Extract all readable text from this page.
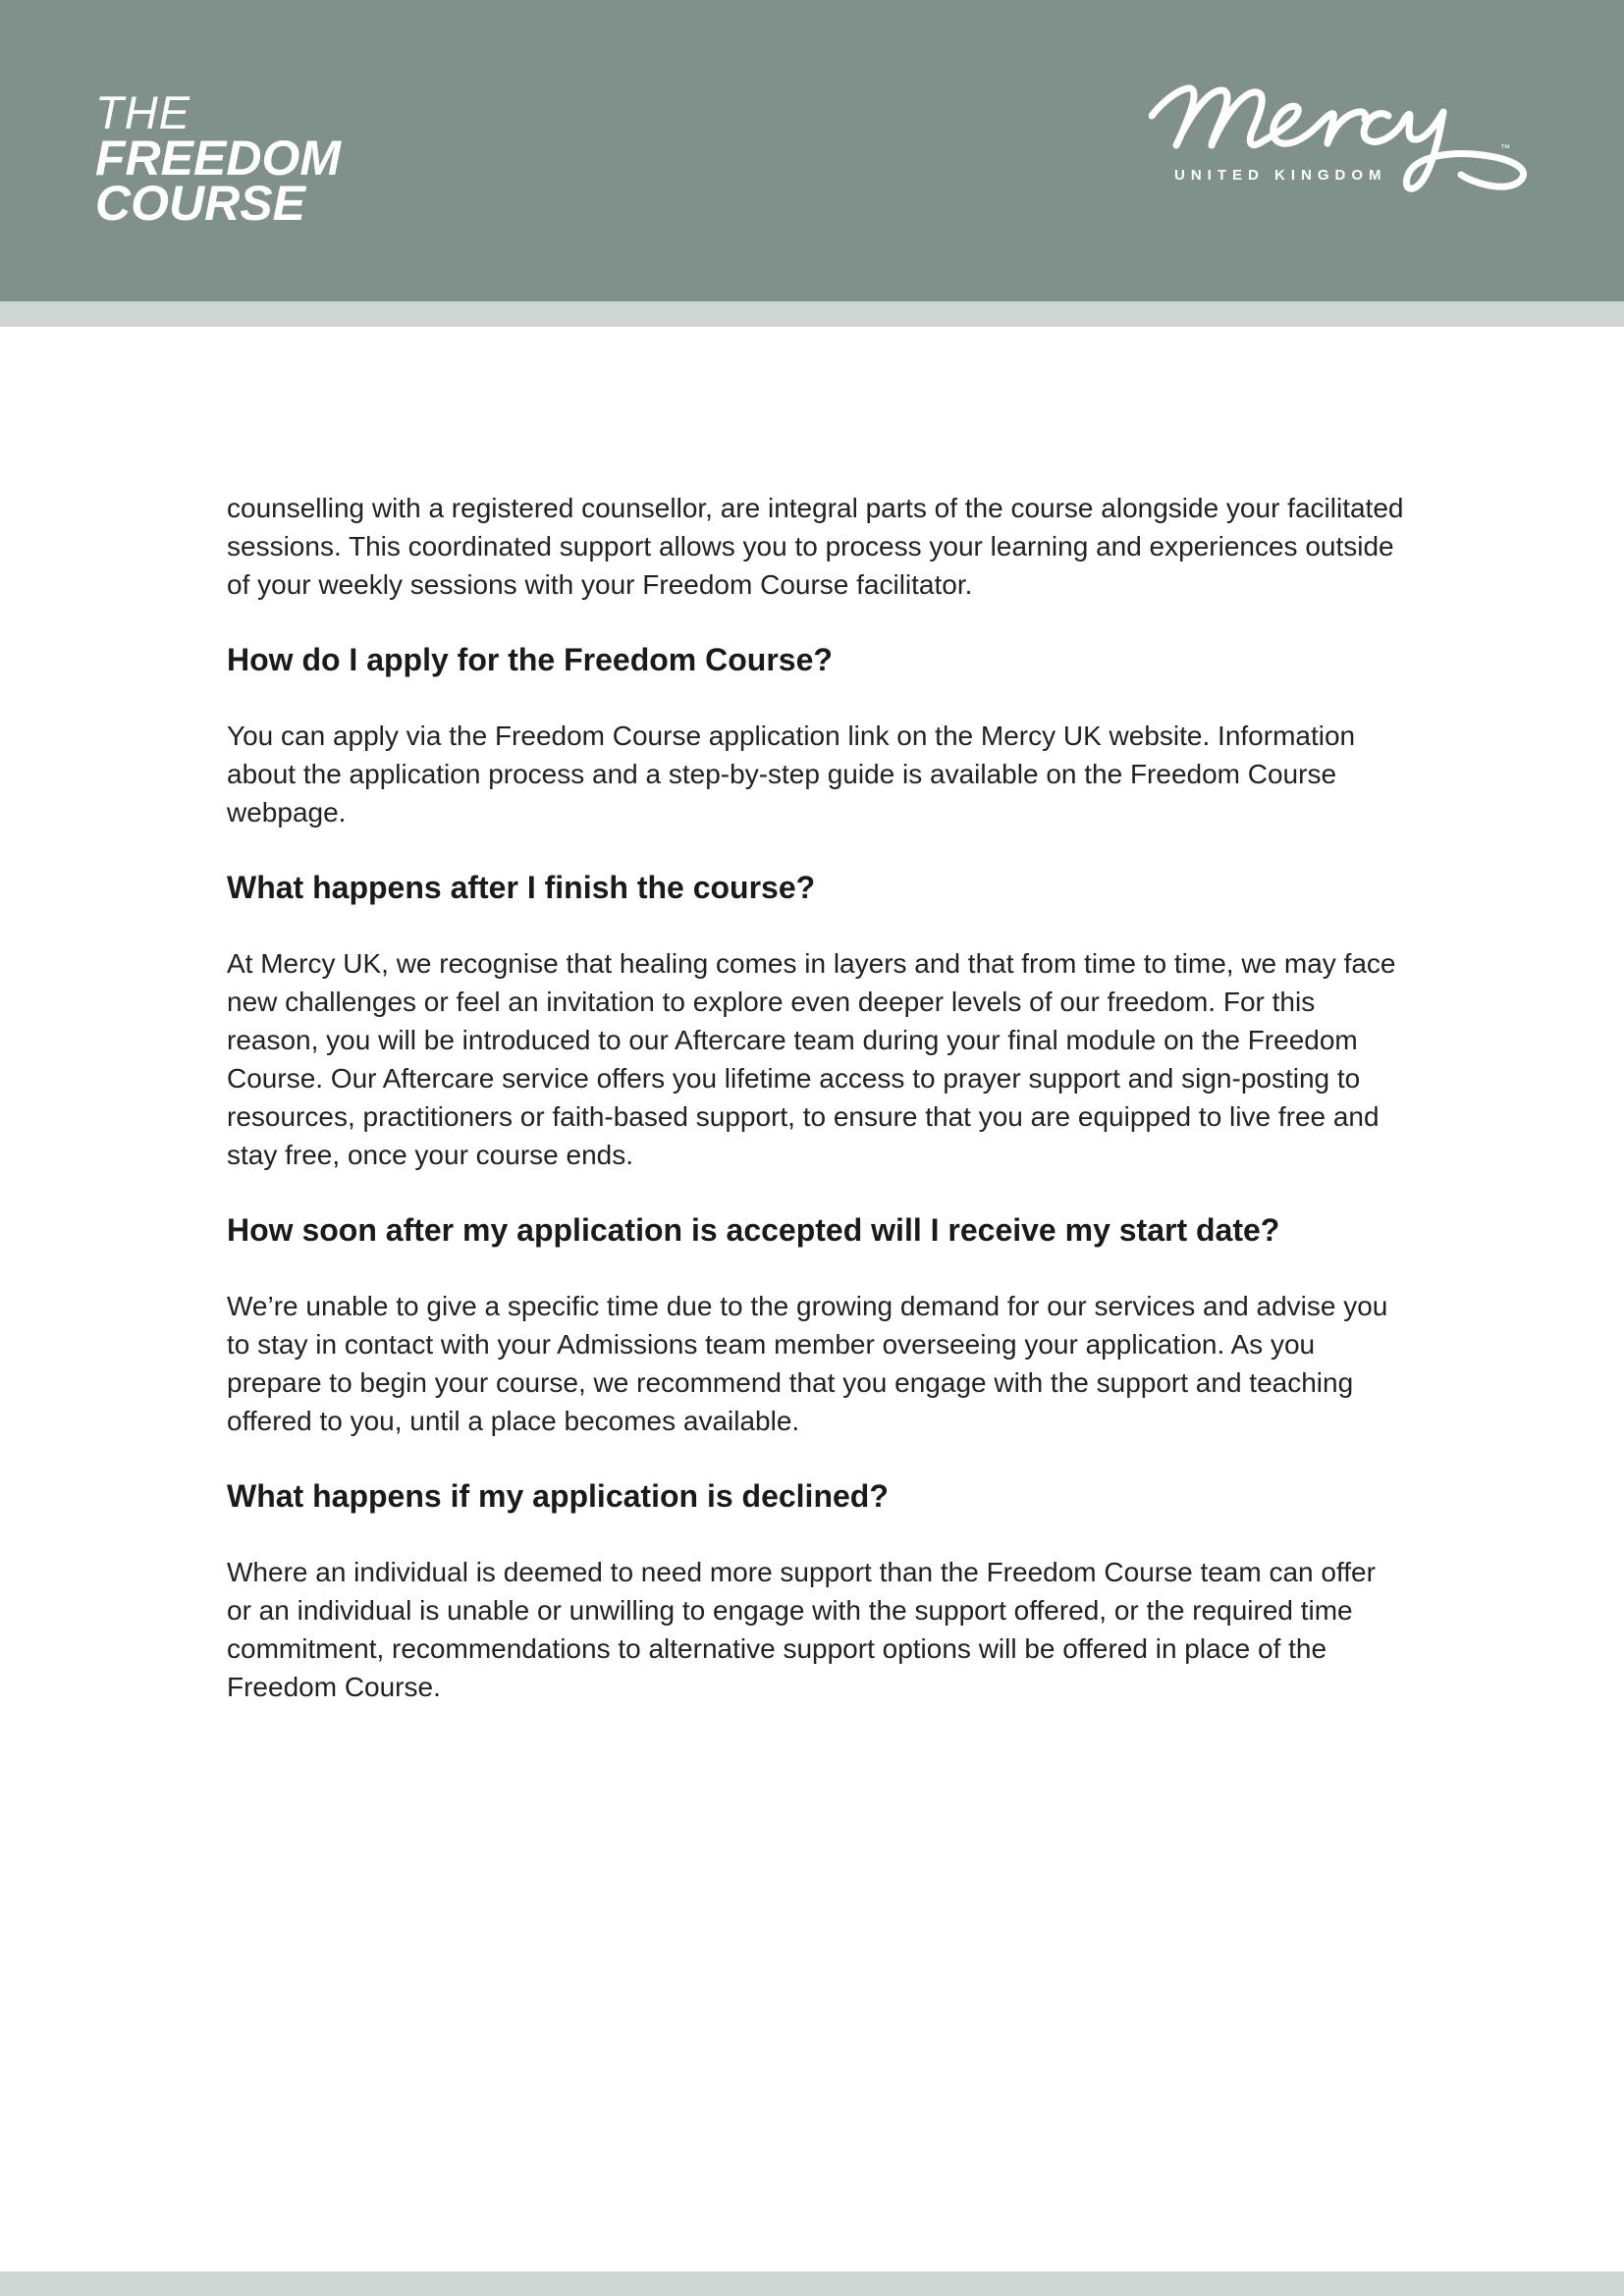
THE
FREEDOM
COURSE
UNITED KINGDOM
™

counselling with a registered counsellor, are integral parts of the course alongside your facilitated sessions. This coordinated support allows you to process your learning and experiences outside of your weekly sessions with your Freedom Course facilitator.

How do I apply for the Freedom Course?

You can apply via the Freedom Course application link on the Mercy UK website. Information about the application process and a step-by-step guide is available on the Freedom Course webpage.

What happens after I finish the course?

At Mercy UK, we recognise that healing comes in layers and that from time to time, we may face new challenges or feel an invitation to explore even deeper levels of our freedom. For this reason, you will be introduced to our Aftercare team during your final module on the Freedom Course. Our Aftercare service offers you lifetime access to prayer support and sign-posting to resources, practitioners or faith-based support, to ensure that you are equipped to live free and stay free, once your course ends.

How soon after my application is accepted will I receive my start date?

We’re unable to give a specific time due to the growing demand for our services and advise you to stay in contact with your Admissions team member overseeing your application. As you prepare to begin your course, we recommend that you engage with the support and teaching offered to you, until a place becomes available.

What happens if my application is declined?

Where an individual is deemed to need more support than the Freedom Course team can offer or an individual is unable or unwilling to engage with the support offered, or the required time commitment, recommendations to alternative support options will be offered in place of the Freedom Course.
